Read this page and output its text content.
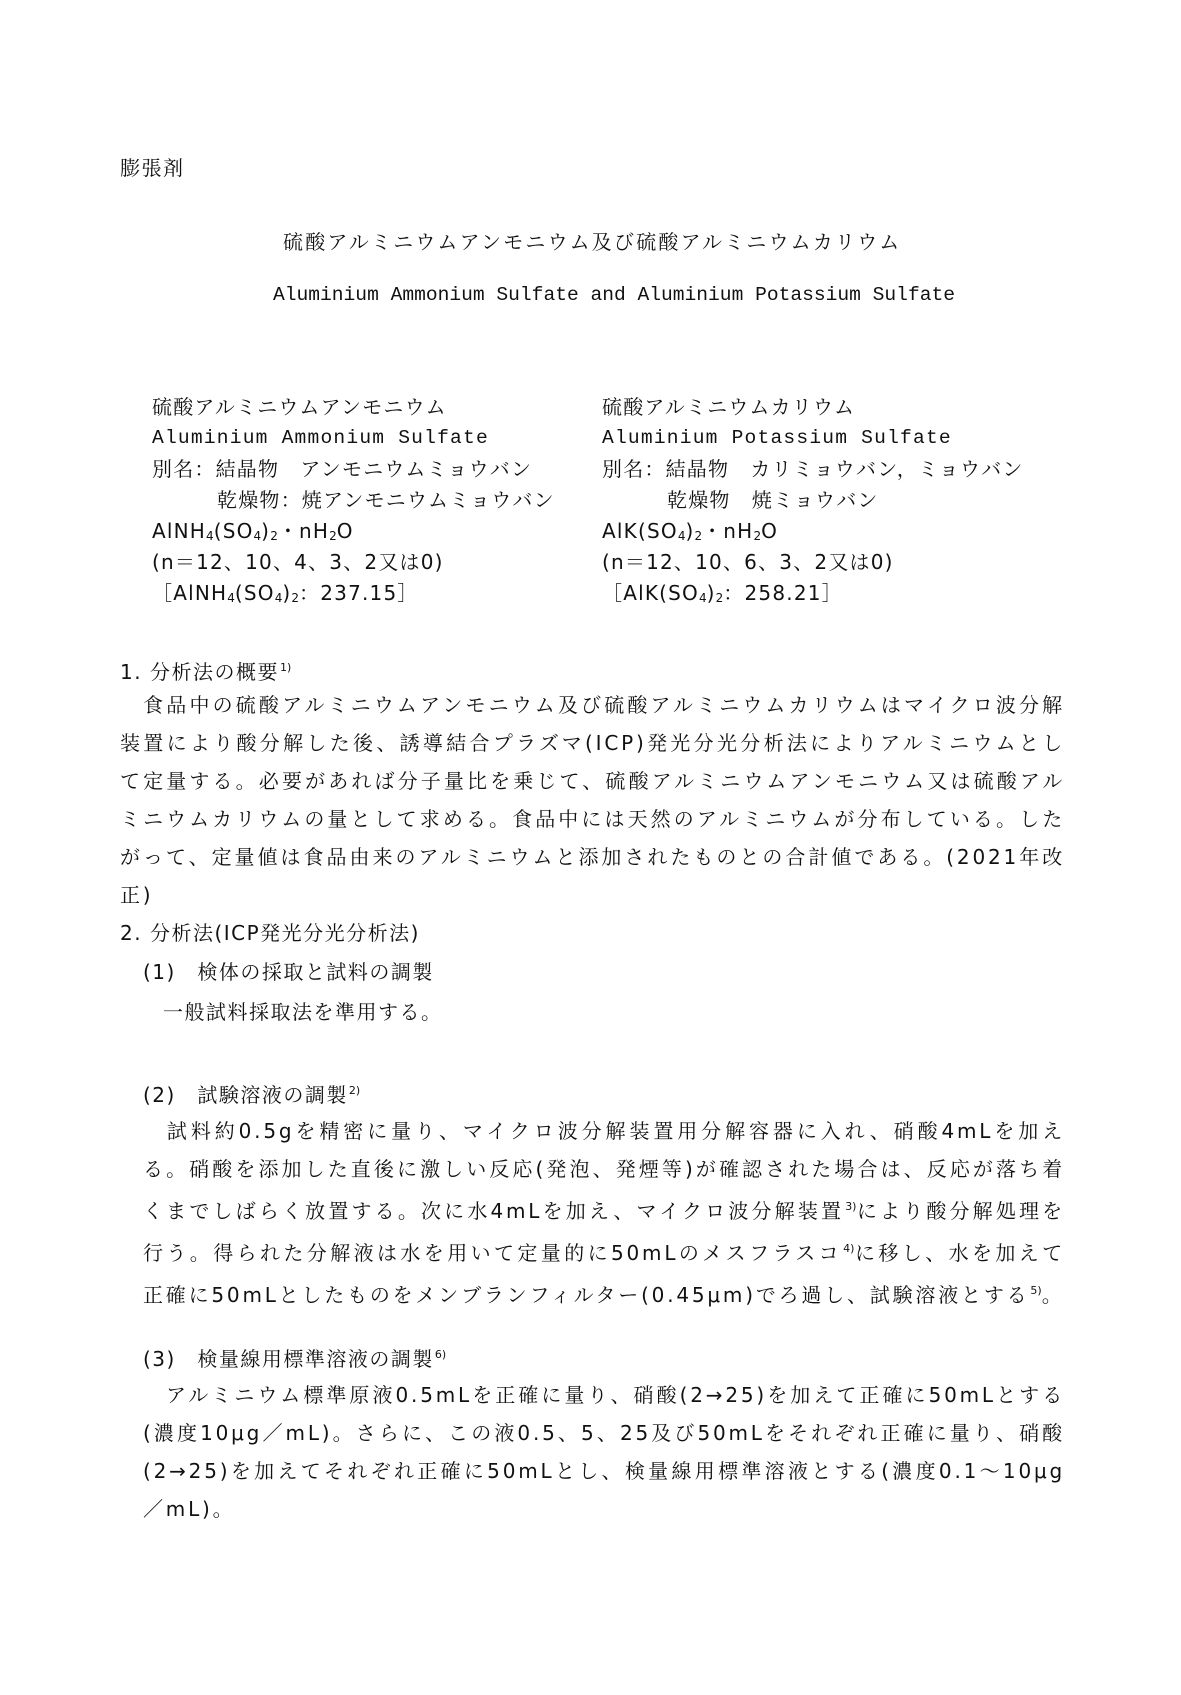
膨張剤
硫酸アルミニウムアンモニウム及び硫酸アルミニウムカリウム
Aluminium Ammonium Sulfate and Aluminium Potassium Sulfate
硫酸アルミニウムアンモニウム
Aluminium Ammonium Sulfate
別名：結晶物　アンモニウムミョウバン
乾燥物：焼アンモニウムミョウバン
$AlNH_4(SO_4)_2$・$nH_2O$
(n＝12、10、4、3、2又は0)
$[AlNH_4(SO_4)_2$：237.15］
硫酸アルミニウムカリウム
Aluminium Potassium Sulfate
別名：結晶物　カリミョウバン，ミョウバン
乾燥物　焼ミョウバン
$AlK(SO_4)_2$・$nH_2O$
(n＝12、10、6、3、2又は0)
$[AlK(SO_4)_2$：258.21］
1. 分析法の概要$^{1)}$
　食品中の硫酸アルミニウムアンモニウム及び硫酸アルミニウムカリウムはマイクロ波分解装置により酸分解した後、誘導結合プラズマ(ICP)発光分光分析法によりアルミニウムとして定量する。必要があれば分子量比を乗じて、硫酸アルミニウムアンモニウム又は硫酸アルミニウムカリウムの量として求める。食品中には天然のアルミニウムが分布している。したがって、定量値は食品由来のアルミニウムと添加されたものとの合計値である。(2021年改正)
2. 分析法(ICP発光分光分析法)
(1)　検体の採取と試料の調製
一般試料採取法を準用する。
(2)　試験溶液の調製$^{2)}$
　試料約0.5gを精密に量り、マイクロ波分解装置用分解容器に入れ、硝酸4mLを加える。硝酸を添加した直後に激しい反応(発泡、発煙等)が確認された場合は、反応が落ち着くまでしばらく放置する。次に水4mLを加え、マイクロ波分解装置$^{3)}$により酸分解処理を行う。得られた分解液は水を用いて定量的に50mLのメスフラスコ$^{4)}$に移し、水を加えて正確に50mLとしたものをメンブランフィルター(0.45μm)でろ過し、試験溶液とする$^{5)}$。
(3)　検量線用標準溶液の調製$^{6)}$
　アルミニウム標準原液0.5mLを正確に量り、硝酸(2→25)を加えて正確に50mLとする(濃度10μg／mL)。さらに、この液0.5、5、25及び50mLをそれぞれ正確に量り、硝酸(2→25)を加えてそれぞれ正確に50mLとし、検量線用標準溶液とする(濃度0.1～10μg／mL)。
